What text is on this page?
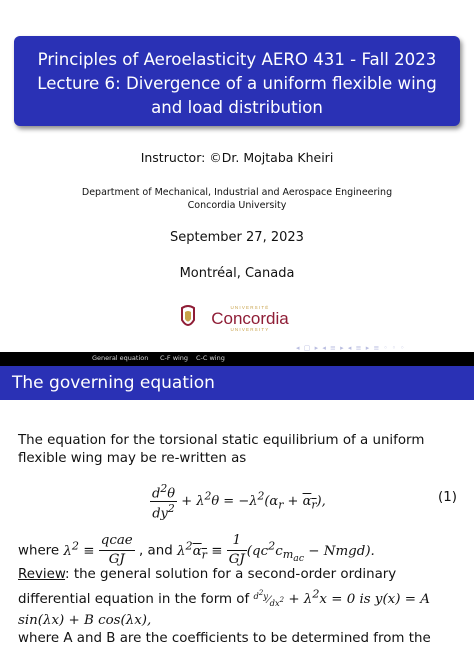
Principles of Aeroelasticity AERO 431 - Fall 2023
Lecture 6: Divergence of a uniform flexible wing
and load distribution
Instructor: ©Dr. Mojtaba Kheiri
Department of Mechanical, Industrial and Aerospace Engineering
Concordia University
September 27, 2023
Montréal, Canada
UNIVERSITÉ
Concordia
UNIVERSITY
◂ ▢ ▸ ◂ ≡ ▸ ◂ ≡ ▸ ≡ ◦ ◦ ◦
General equation C-F wing C-C wing
The governing equation
The equation for the torsional static equilibrium of a uniform flexible wing may be re-written as
$\frac{d^2\theta}{dy^2} + \lambda^2\theta = -\lambda^2(\alpha_r + \alpha_r)$,	(1)
where $\lambda^2 \equiv \frac{\text{qcae}}{GJ}$ , and $\lambda^2\alpha_r \equiv \frac{1}{GJ} (qc^2c_{m_{ac}}$ − Nmgd).
Review: the general solution for a second-order ordinary differential equation in the form of $^{d^2y}⁄_{dx^2} + \lambda^2x = 0$ is y(x) = A sin(λx) + B cos(λx),
where A and B are the coefficients to be determined from the
